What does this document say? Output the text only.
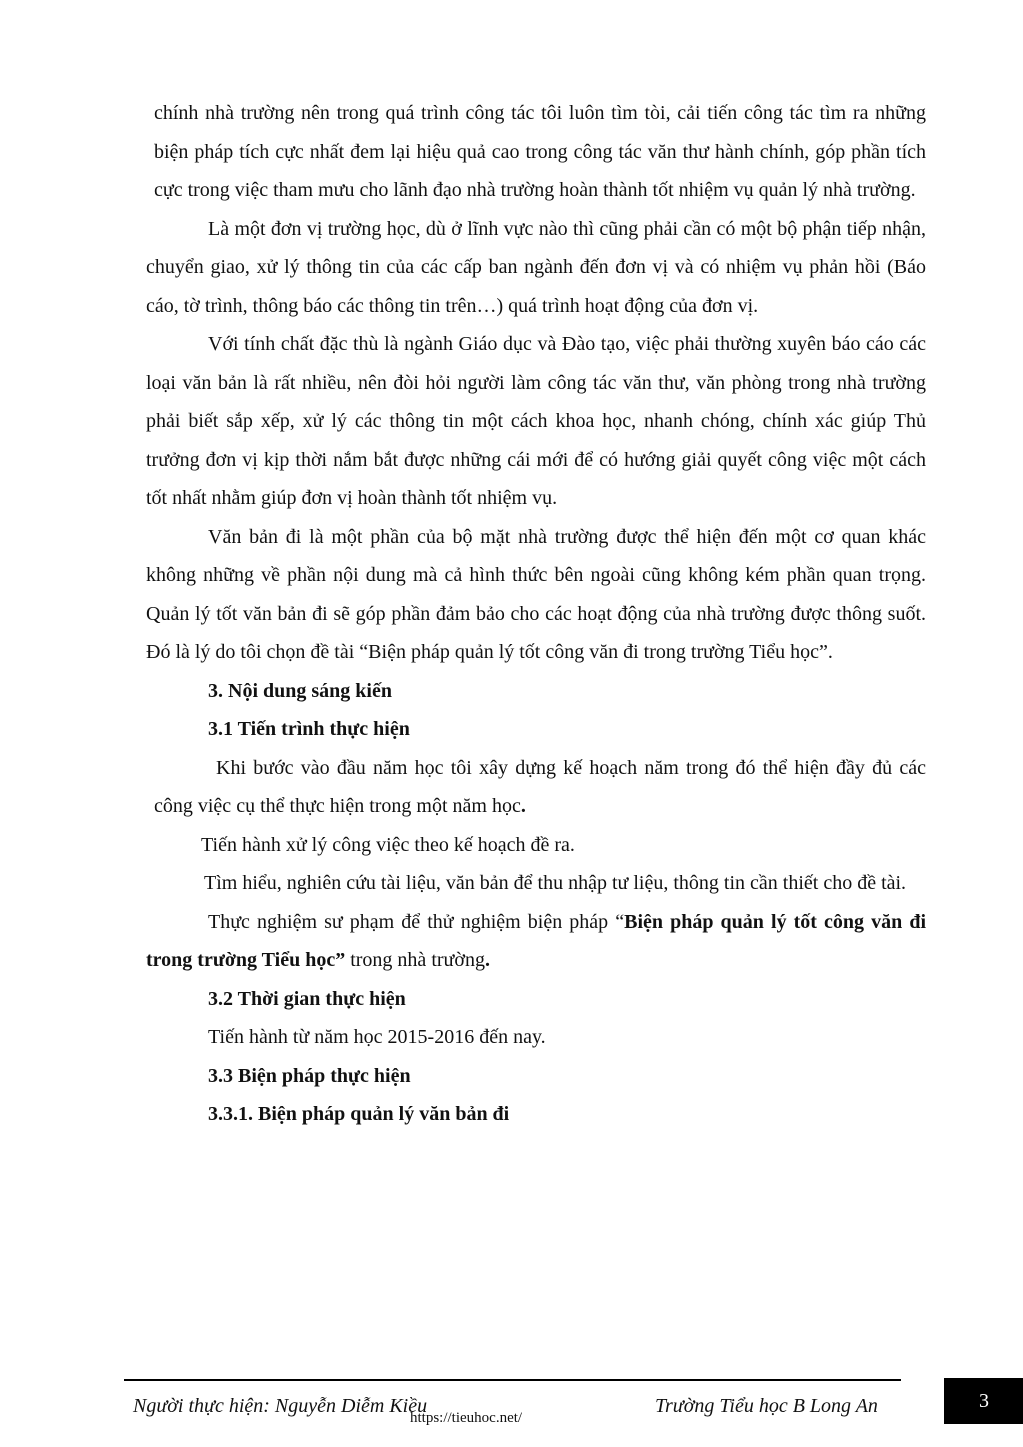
chính nhà trường nên trong quá trình công tác tôi luôn tìm tòi, cải tiến công tác tìm ra những biện pháp tích cực nhất đem lại hiệu quả cao trong công tác văn thư hành chính, góp phần tích cực trong việc tham mưu cho lãnh đạo nhà trường hoàn thành tốt nhiệm vụ quản lý nhà trường.

Là một đơn vị trường học, dù ở lĩnh vực nào thì cũng phải cần có một bộ phận tiếp nhận, chuyển giao, xử lý thông tin của các cấp ban ngành đến đơn vị và có nhiệm vụ phản hồi (Báo cáo, tờ trình, thông báo các thông tin trên…) quá trình hoạt động của đơn vị.

Với tính chất đặc thù là ngành Giáo dục và Đào tạo, việc phải thường xuyên báo cáo các loại văn bản là rất nhiều, nên đòi hỏi người làm công tác văn thư, văn phòng trong nhà trường phải biết sắp xếp, xử lý các thông tin một cách khoa học, nhanh chóng, chính xác giúp Thủ trưởng đơn vị kịp thời nắm bắt được những cái mới để có hướng giải quyết công việc một cách tốt nhất nhằm giúp đơn vị hoàn thành tốt nhiệm vụ.

Văn bản đi là một phần của bộ mặt nhà trường được thể hiện đến một cơ quan khác không những về phần nội dung mà cả hình thức bên ngoài cũng không kém phần quan trọng. Quản lý tốt văn bản đi sẽ góp phần đảm bảo cho các hoạt động của nhà trường được thông suốt. Đó là lý do tôi chọn đề tài “Biện pháp quản lý tốt công văn đi trong trường Tiểu học”.

3. Nội dung sáng kiến

3.1 Tiến trình thực hiện

Khi bước vào đầu năm học tôi xây dựng kế hoạch năm trong đó thể hiện đầy đủ các công việc cụ thể thực hiện trong một năm học.

Tiến hành xử lý công việc theo kế hoạch đề ra.

Tìm hiểu, nghiên cứu tài liệu, văn bản để thu nhập tư liệu, thông tin cần thiết cho đề tài.

Thực nghiệm sư phạm để thử nghiệm biện pháp “Biện pháp quản lý tốt công văn đi trong trường Tiểu học” trong nhà trường.

3.2 Thời gian thực hiện

Tiến hành từ năm học 2015-2016 đến nay.

3.3 Biện pháp thực hiện

3.3.1. Biện pháp quản lý văn bản đi

Người thực hiện: Nguyễn Diễm Kiều	Trường Tiểu học B Long An
https://tieuhoc.net/
3
